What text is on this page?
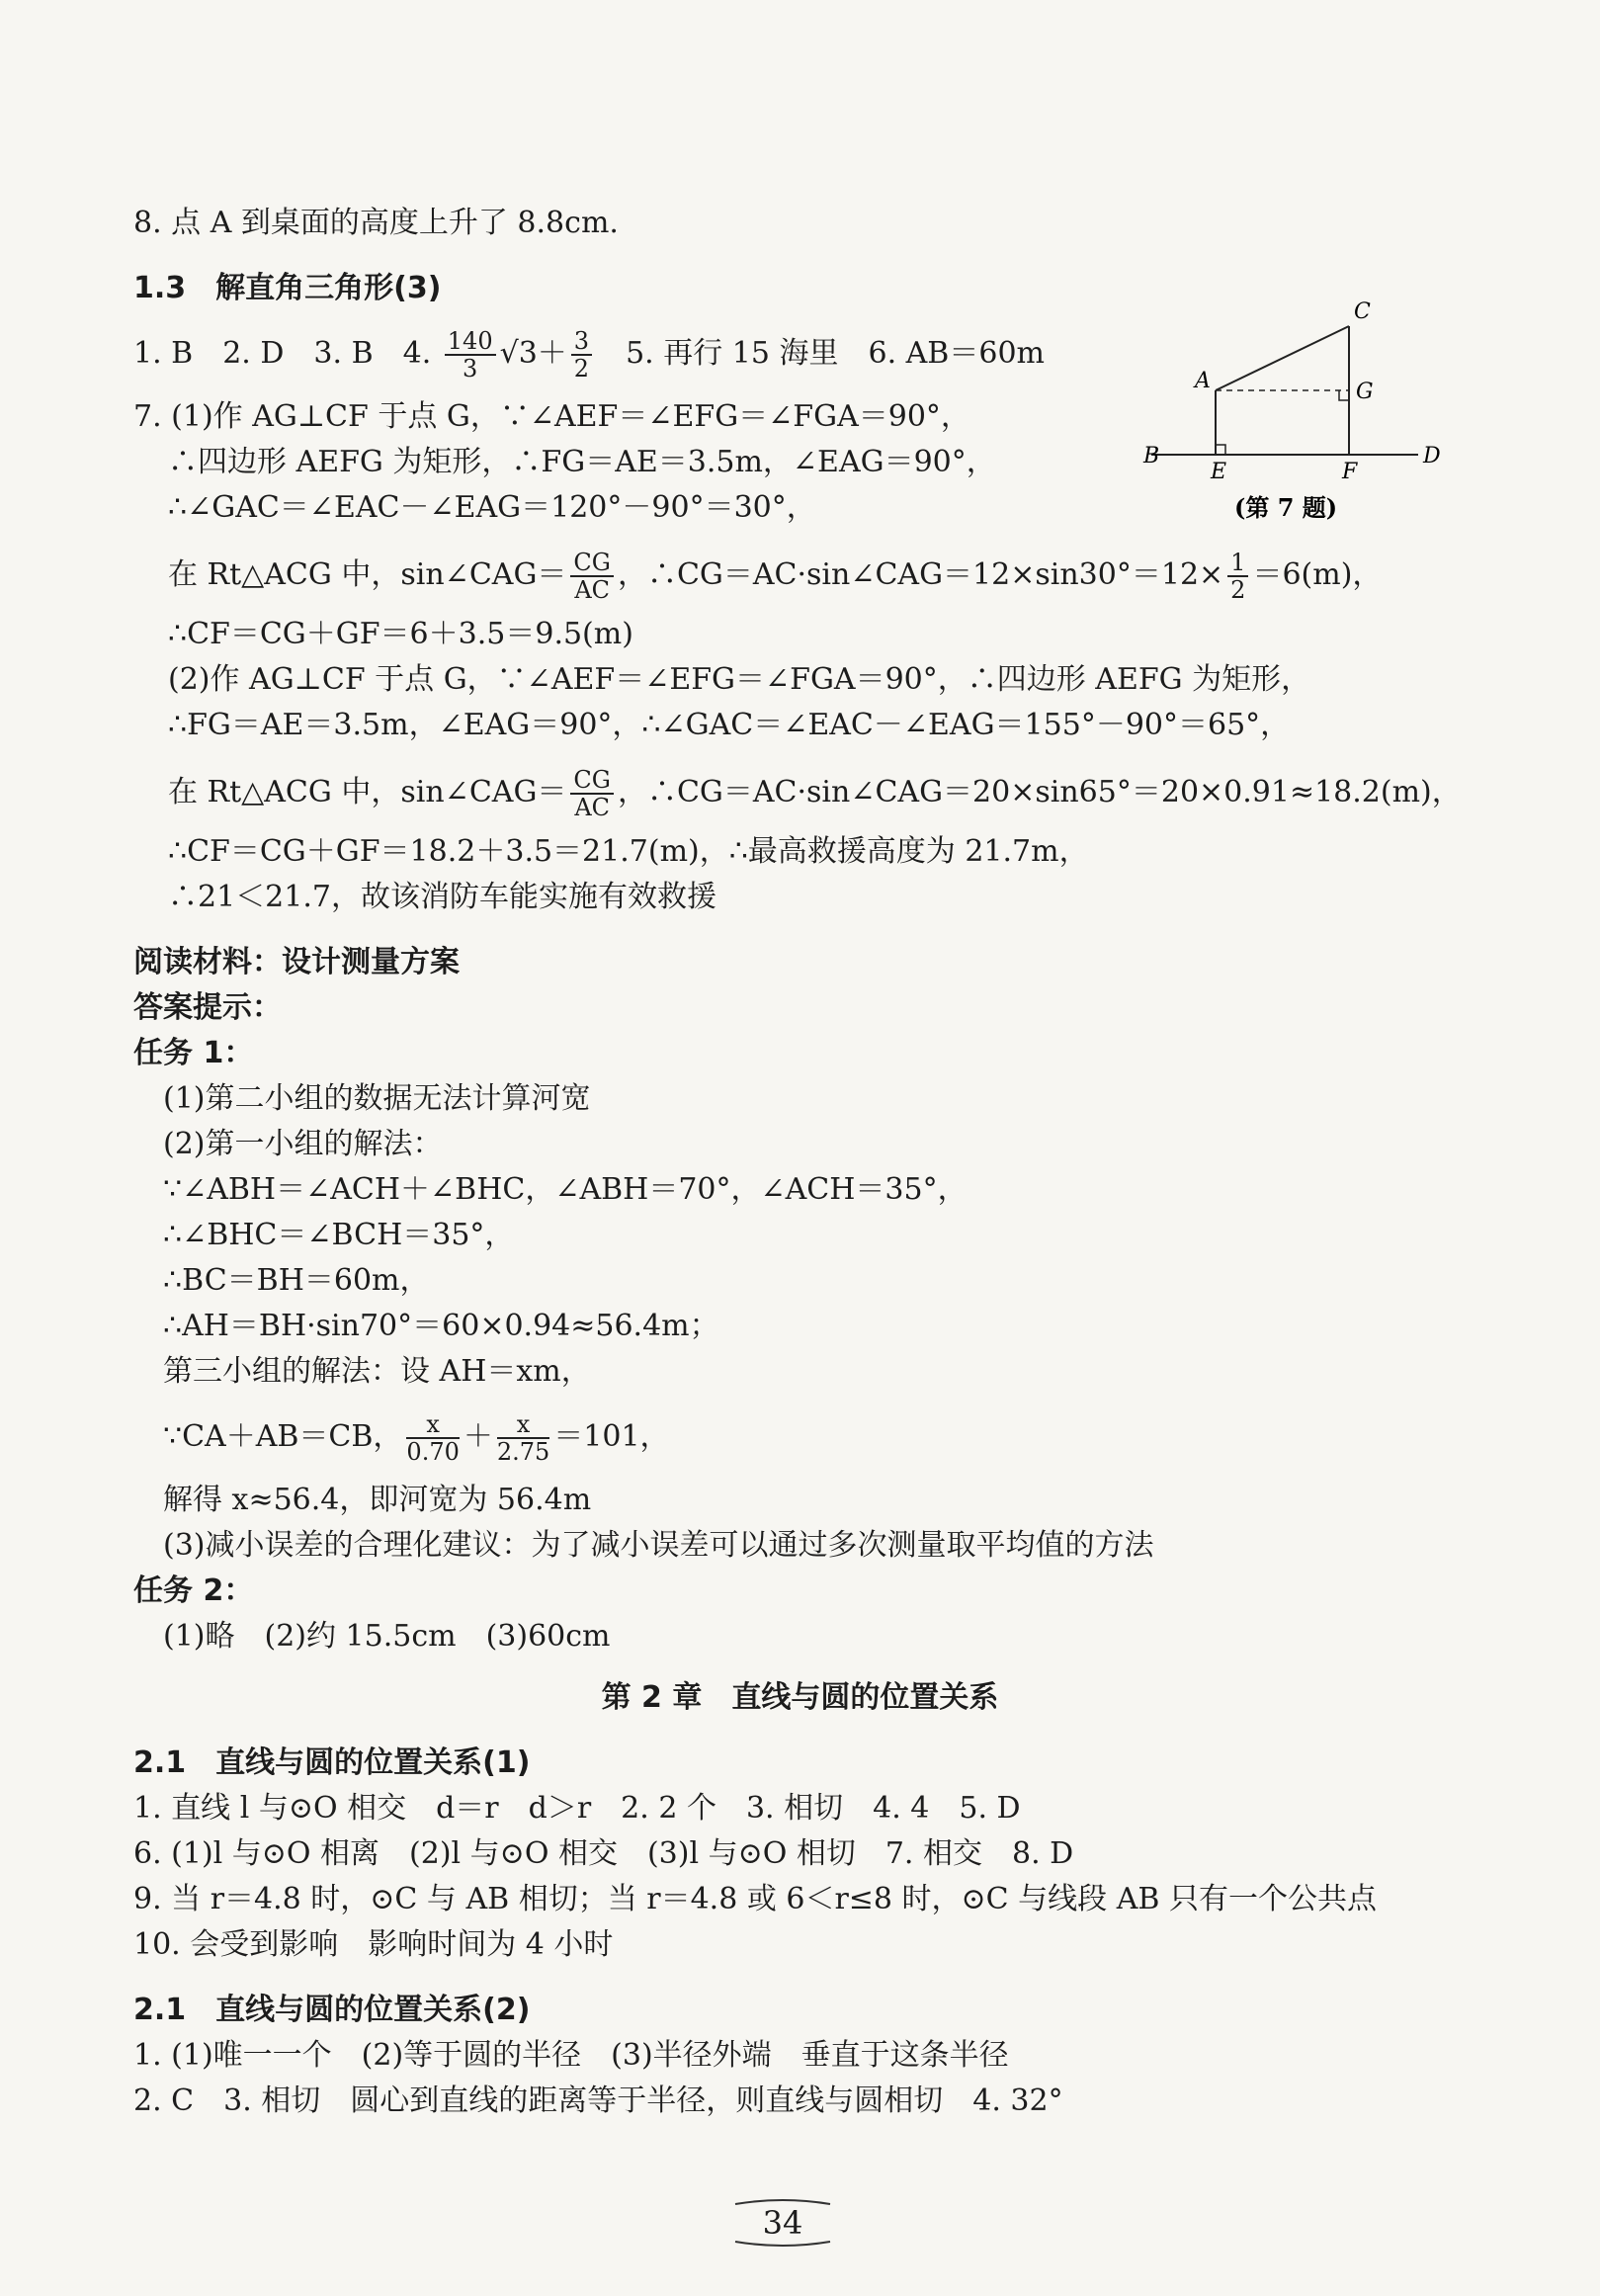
8. 点 A 到桌面的高度上升了 8.8cm.
1.3　解直角三角形(3)
1. B　2. D　3. B　4. $\frac{140}{3} √3+ \frac{3}{2}$ 　5. 再行 15 海里　6. AB＝60m
7. (1)作 AG⊥CF 于点 G，∵∠AEF＝∠EFG＝∠FGA＝90°，
∴四边形 AEFG 为矩形，∴FG＝AE＝3.5m，∠EAG＝90°，
∴∠GAC＝∠EAC－∠EAG＝120°－90°＝30°，
在 Rt△ACG 中，sin∠CAG＝ $\frac{CG}{AC}$ ，∴CG＝AC·sin∠CAG＝12×sin30°＝12× $\frac{1}{2} =6(m)$，
∴CF＝CG＋GF＝6＋3.5＝9.5(m)
(2)作 AG⊥CF 于点 G，∵∠AEF＝∠EFG＝∠FGA＝90°，∴四边形 AEFG 为矩形，
∴FG＝AE＝3.5m，∠EAG＝90°，∴∠GAC＝∠EAC－∠EAG＝155°－90°＝65°，
在 Rt△ACG 中，sin∠CAG＝ $\frac{CG}{AC}$ ，∴CG＝AC·sin∠CAG＝20×sin65°＝20×0.91≈18.2(m)，
∴CF＝CG＋GF＝18.2＋3.5＝21.7(m)，∴最高救援高度为 21.7m，
∴21＜21.7，故该消防车能实施有效救援
阅读材料：设计测量方案
答案提示：
任务 1：
(1)第二小组的数据无法计算河宽
(2)第一小组的解法：
∵∠ABH＝∠ACH＋∠BHC，∠ABH＝70°，∠ACH＝35°，
∴∠BHC＝∠BCH＝35°，
∴BC＝BH＝60m，
∴AH＝BH·sin70°＝60×0.94≈56.4m；
第三小组的解法：设 AH＝xm，
∵CA＋AB＝CB， $\frac{x}{0.70} + \frac{x}{2.75} =101$，
解得 x≈56.4，即河宽为 56.4m
(3)减小误差的合理化建议：为了减小误差可以通过多次测量取平均值的方法
任务 2：
(1)略　(2)约 15.5cm　(3)60cm
2.1　直线与圆的位置关系(1)
1. 直线 l 与⊙O 相交　d＝r　d＞r　2. 2 个　3. 相切　4. 4　5. D
6. (1)l 与⊙O 相离　(2)l 与⊙O 相交　(3)l 与⊙O 相切　7. 相交　8. D
9. 当 r＝4.8 时，⊙C 与 AB 相切；当 r＝4.8 或 6＜r≤8 时，⊙C 与线段 AB 只有一个公共点
10. 会受到影响　影响时间为 4 小时
2.1　直线与圆的位置关系(2)
1. (1)唯一一个　(2)等于圆的半径　(3)半径外端　垂直于这条半径
2. C　3. 相切　圆心到直线的距离等于半径，则直线与圆相切　4. 32°
第 2 章　直线与圆的位置关系
C
A	G
B	D
E	F
(第 7 题)
34
